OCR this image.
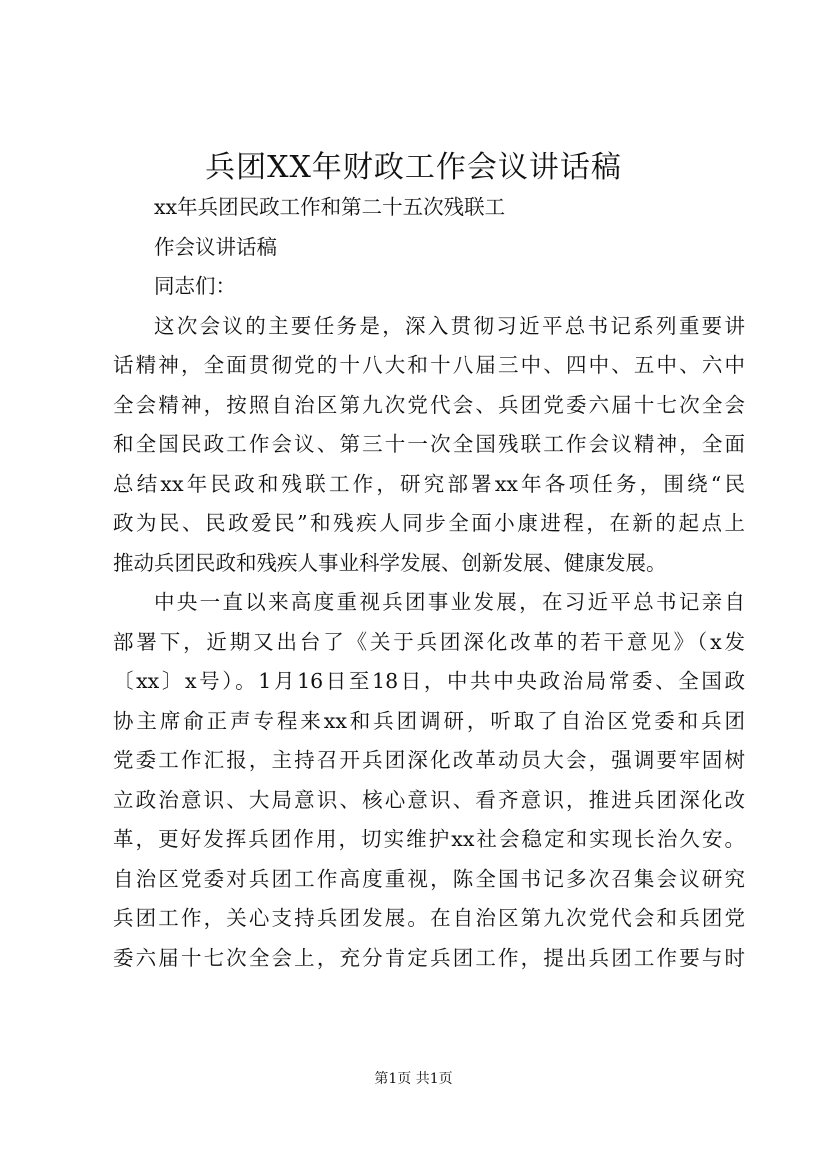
兵团XX年财政工作会议讲话稿
xx年兵团民政工作和第二十五次残联工
作会议讲话稿
同志们：
这次会议的主要任务是，深入贯彻习近平总书记系列重要讲
话精神，全面贯彻党的十八大和十八届三中、四中、五中、六中
全会精神，按照自治区第九次党代会、兵团党委六届十七次全会
和全国民政工作会议、第三十一次全国残联工作会议精神，全面
总结xx年民政和残联工作，研究部署xx年各项任务，围绕“民
政为民、民政爱民”和残疾人同步全面小康进程，在新的起点上
推动兵团民政和残疾人事业科学发展、创新发展、健康发展。
中央一直以来高度重视兵团事业发展，在习近平总书记亲自
部署下，近期又出台了《关于兵团深化改革的若干意见》（x发
〔xx〕x号）。1月16日至18日，中共中央政治局常委、全国政
协主席俞正声专程来xx和兵团调研，听取了自治区党委和兵团
党委工作汇报，主持召开兵团深化改革动员大会，强调要牢固树
立政治意识、大局意识、核心意识、看齐意识，推进兵团深化改
革，更好发挥兵团作用，切实维护xx社会稳定和实现长治久安。
自治区党委对兵团工作高度重视，陈全国书记多次召集会议研究
兵团工作，关心支持兵团发展。在自治区第九次党代会和兵团党
委六届十七次全会上，充分肯定兵团工作，提出兵团工作要与时
第1页 共1页
